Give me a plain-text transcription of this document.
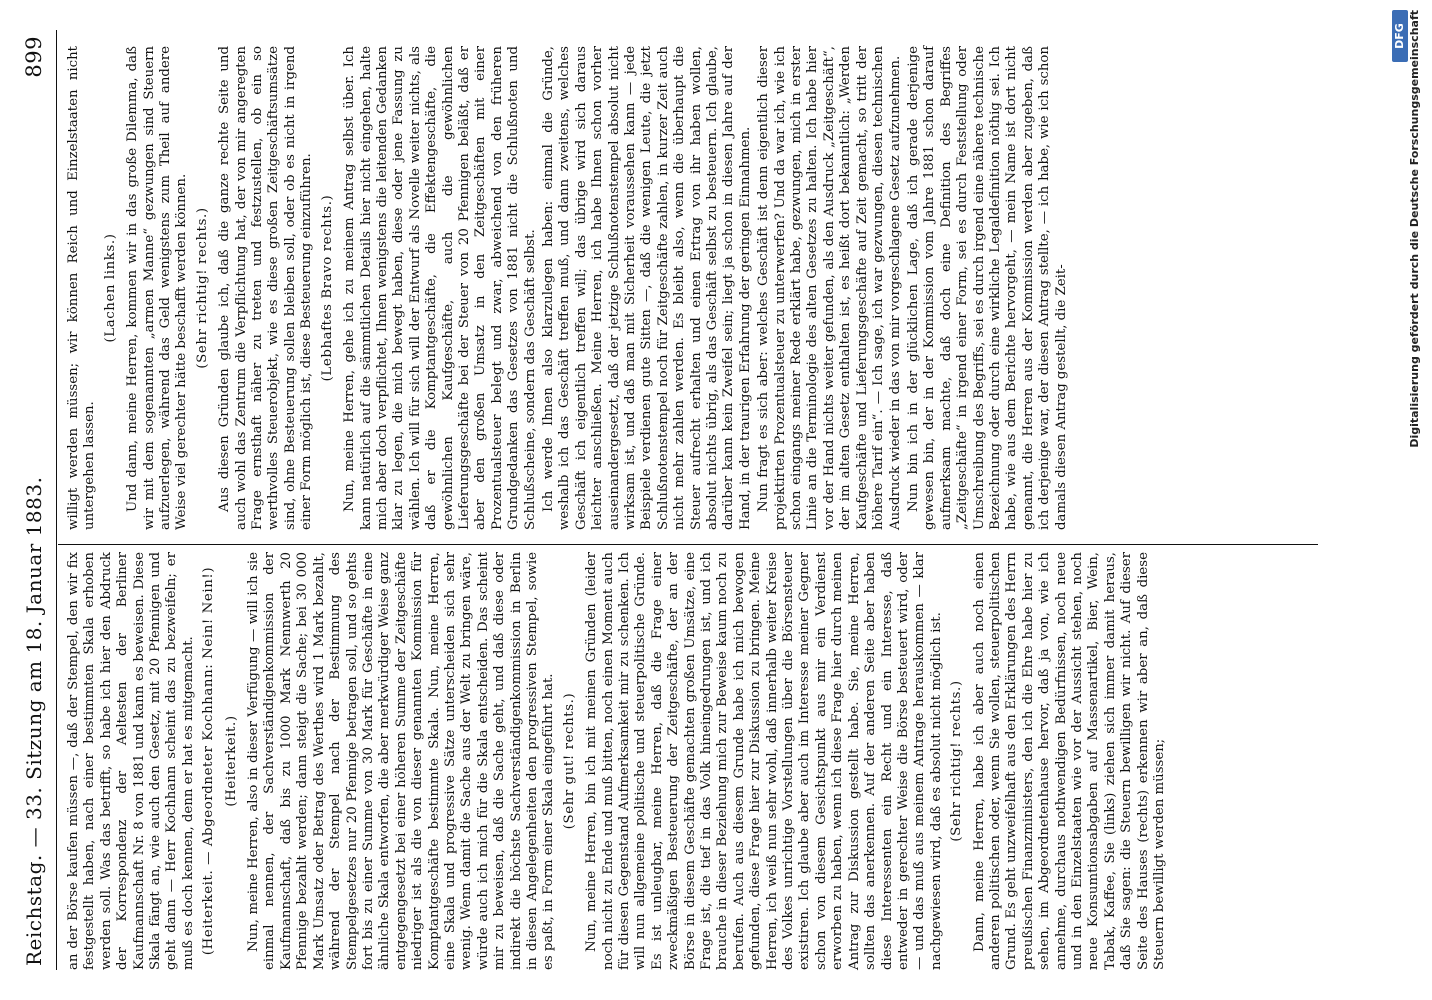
Reichstag. — 33. Sitzung am 18. Januar 1883.
899

an der Börse kaufen müssen —, daß der Stempel, den wir fix festgestellt haben, nach einer bestimmten Skala erhoben werden soll. Was das betrifft, so habe ich hier den Abdruck der Korrespondenz der Aeltesten der Berliner Kaufmannschaft Nr. 8 von 1881 und kann es beweisen. Diese Skala fängt an, wie auch den Gesetz, mit 20 Pfennigen und geht dann — Herr Kochhann scheint das zu bezweifeln; er muß es doch kennen, denn er hat es mitgemacht. (Heiterkeit. — Abgeordneter Kochhann: Nein! Nein!) (Heiterkeit.) Nun, meine Herren, also in dieser Verfügung — will ich sie einmal nennen, der Sachverständigenkommission der Kaufmannschaft, daß bis zu 1000 Mark Nennwerth 20 Pfennige bezahlt werden; dann steigt die Sache; bei 30 000 Mark Umsatz oder Betrag des Werthes wird 1 Mark bezahlt, während der Stempel nach der Bestimmung des Stempelgesetzes nur 20 Pfennige betragen soll, und so gehts fort bis zu einer Summe von 30 Mark für Geschäfte in eine ähnliche Skala entworfen, die aber merkwürdiger Weise ganz entgegengesetzt bei einer höheren Summe der Zeitgeschäfte niedriger ist als die von dieser genannten Kommission für Komptantgeschäfte bestimmte Skala. Nun, meine Herren, eine Skala und progressive Sätze unterscheiden sich sehr wenig. Wenn damit die Sache aus der Welt zu bringen wäre, würde auch ich mich für die Skala entscheiden. Das scheint mir zu beweisen, daß die Sache geht, und daß diese oder indirekt die höchste Sachverständigenkommission in Berlin in diesen Angelegenheiten den progressiven Stempel, sowie es paßt, in Form einer Skala eingeführt hat. (Sehr gut! rechts.) Nun, meine Herren, bin ich mit meinen Gründen (leider noch nicht zu Ende und muß bitten, noch einen Moment auch für diesen Gegenstand Aufmerksamkeit mir zu schenken. Ich will nun allgemeine politische und steuerpolitische Gründe. Es ist unleugbar, meine Herren, daß die Frage einer zweckmäßigen Besteuerung der Zeitgeschäfte, der an der Börse in diesem Geschäfte gemachten großen Umsätze, eine Frage ist, die tief in das Volk hineingedrungen ist, und ich brauche in dieser Beziehung mich zur Beweise kaum noch zu berufen. Auch aus diesem Grunde habe ich mich bewogen gefunden, diese Frage hier zur Diskussion zu bringen. Meine Herren, ich weiß nun sehr wohl, daß innerhalb weiter Kreise des Volkes unrichtige Vorstellungen über die Börsensteuer existiren. Ich glaube aber auch im Interesse meiner Gegner schon von diesem Gesichtspunkt aus mir ein Verdienst erworben zu haben, wenn ich diese Frage hier durch meinen Antrag zur Diskussion gestellt habe. Sie, meine Herren, sollten das anerkennen. Auf der anderen Seite aber haben diese Interessenten ein Recht und ein Interesse, daß entweder in gerechter Weise die Börse besteuert wird, oder — und das muß aus meinem Antrage herauskommen — klar nachgewiesen wird, daß es absolut nicht möglich ist. (Sehr richtig! rechts.) Dann, meine Herren, habe ich aber auch noch einen anderen politischen oder, wenn Sie wollen, steuerpolitischen Grund. Es geht unzweifelhaft aus den Erklärungen des Herrn preußischen Finanzministers, den ich die Ehre habe hier zu sehen, im Abgeordnetenhause hervor, daß ja von, wie ich annehme, durchaus nothwendigen Bedürfnissen, noch neue und in den Einzelstaaten wie vor der Aussicht stehen, noch neue Konsumtionsabgaben auf Massenartikel, Bier, Wein, Tabak, Kaffee, Sie (links) ziehen sich immer damit heraus, daß Sie sagen: die Steuern bewilligen wir nicht. Auf dieser Seite des Hauses (rechts) erkennen wir aber an, daß diese Steuern bewilligt werden müssen;

willigt werden müssen; wir können Reich und Einzelstaaten nicht untergehen lassen.

(Lachen links.) Und dann, meine Herren, kommen wir in das große Dilemma, daß wir mit dem sogenannten „armen Manne“ gezwungen sind Steuern aufzuerlegen, während das Geld wenigstens zum Theil auf andere Weise viel gerechter hätte beschafft werden können. (Sehr richtig! rechts.) Aus diesen Gründen glaube ich, daß die ganze rechte Seite und auch wohl das Zentrum die Verpflichtung hat, der von mir angeregten Frage ernsthaft näher zu treten und festzustellen, ob ein so werthvolles Steuerobjekt, wie es diese großen Zeitgeschäftsumsätze sind, ohne Besteuerung sollen bleiben soll, oder ob es nicht in irgend einer Form möglich ist, diese Besteuerung einzuführen. (Lebhaftes Bravo rechts.) Nun, meine Herren, gehe ich zu meinem Antrag selbst über. Ich kann natürlich auf die sämmtlichen Details hier nicht eingehen, halte mich aber doch verpflichtet, Ihnen wenigstens die leitenden Gedanken klar zu legen, die mich bewegt haben, diese oder jene Fassung zu wählen. Ich will für sich will der Entwurf als Novelle weiter nichts, als daß er die Komptantgeschäfte, die Effektengeschäfte, die gewöhnlichen Kaufgeschäfte, auch die gewöhnlichen Lieferungsgeschäfte bei der Steuer von 20 Pfennigen beläßt, daß er aber den großen Umsatz in den Zeitgeschäften mit einer Prozentualsteuer belegt und zwar, abweichend von den früheren Grundgedanken das Gesetzes von 1881 nicht die Schlußnoten und Schlußscheine, sondern das Geschäft selbst. Ich werde Ihnen also klarzulegen haben: einmal die Gründe, weshalb ich das Geschäft treffen muß, und dann zweitens, welches Geschäft ich eigentlich treffen will; das übrige wird sich daraus leichter anschließen. Meine Herren, ich habe Ihnen schon vorher auseinandergesetzt, daß der jetzige Schlußnotenstempel absolut nicht wirksam ist, und daß man mit Sicherheit voraussehen kann — jede Beispiele verdienen gute Sitten —, daß die wenigen Leute, die jetzt Schlußnotenstempel noch für Zeitgeschäfte zahlen, in kurzer Zeit auch nicht mehr zahlen werden. Es bleibt also, wenn die überhaupt die Steuer aufrecht erhalten und einen Ertrag von ihr haben wollen, absolut nichts übrig, als das Geschäft selbst zu besteuern. Ich glaube, darüber kann kein Zweifel sein; liegt ja schon in diesen Jahre auf der Hand, in der traurigen Erfahrung der geringen Einnahmen. Nun fragt es sich aber: welches Geschäft ist denn eigentlich dieser projektirten Prozentualsteuer zu unterwerfen? Und da war ich, wie ich schon eingangs meiner Rede erklärt habe, gezwungen, mich in erster Linie an die Terminologie des alten Gesetzes zu halten. Ich habe hier vor der Hand nichts weiter gefunden, als den Ausdruck „Zeitgeschäft“, der im alten Gesetz enthalten ist, es heißt dort bekanntlich: „Werden Kaufgeschäfte und Lieferungsgeschäfte auf Zeit gemacht, so tritt der höhere Tarif ein“. — Ich sage, ich war gezwungen, diesen technischen Ausdruck wieder in das von mir vorgeschlagene Gesetz aufzunehmen. Nun bin ich in der glücklichen Lage, daß ich gerade derjenige gewesen bin, der in der Kommission vom Jahre 1881 schon darauf aufmerksam machte, daß doch eine Definition des Begriffes „Zeitgeschäfte“ in irgend einer Form, sei es durch Feststellung oder Umschreibung des Begriffs, sei es durch irgend eine nähere technische Bezeichnung oder durch eine wirkliche Legaldefinition nöthig sei. Ich habe, wie aus dem Berichte hervorgeht, — mein Name ist dort nicht genannt, die Herren aus der Kommission werden aber zugeben, daß ich derjenige war, der diesen Antrag stellte, — ich habe, wie ich schon damals diesen Antrag gestellt, die Zeit-	Digitalisierung gefördert durch die Deutsche Forschungsgemeinschaft
DFG
